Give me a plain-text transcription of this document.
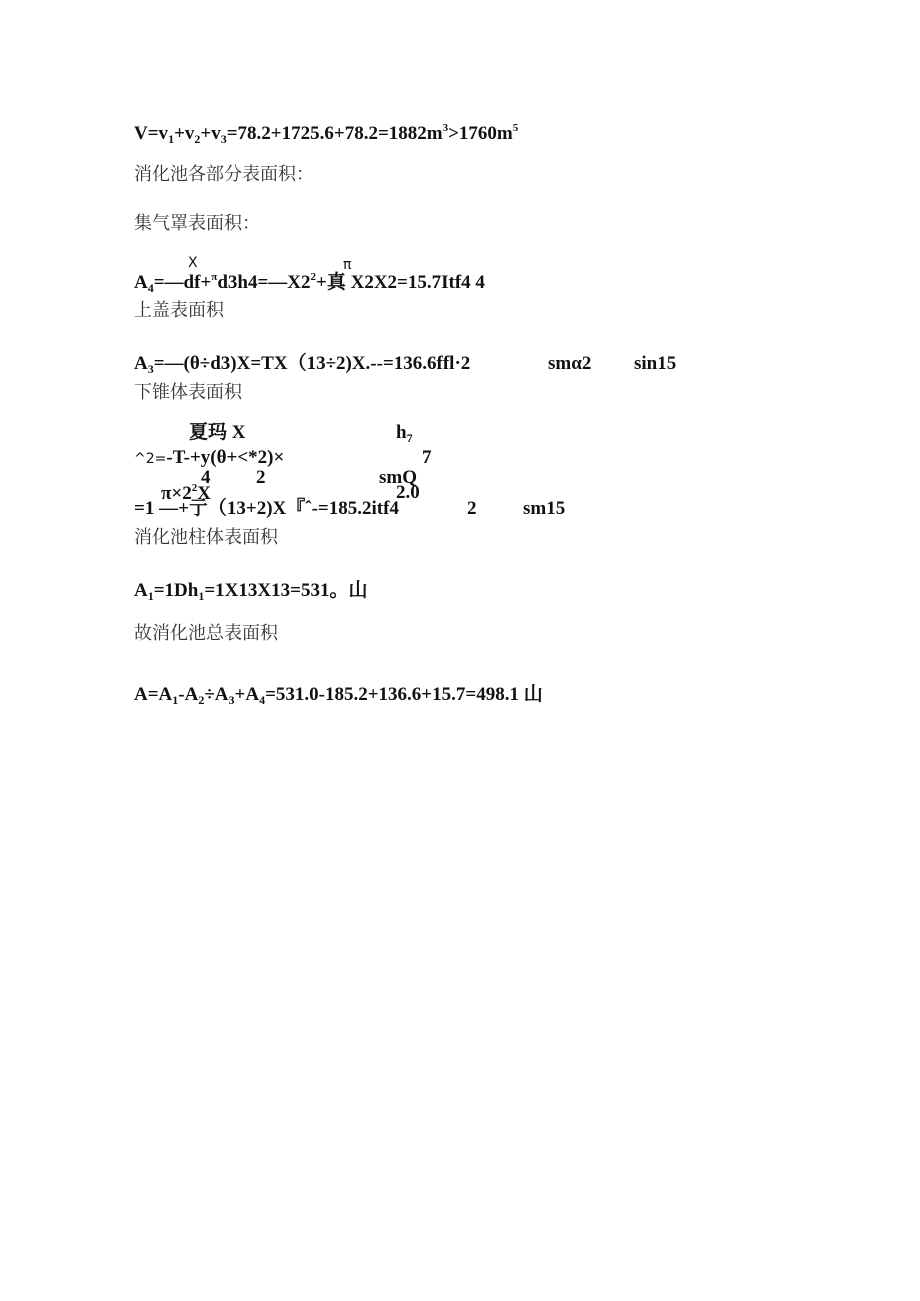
$V=v_1+v_2+v_3=78.2+1725.6+78.2=1882m^3>1760m^5$
消化池各部分表面积：
集气罩表面积：
X	π
$A_4=—df+^\pi d3h4=—X2^2+$真 X2X2=15.7Itf4 4
上盖表面积
$A_3=—(\theta\div d3)X=TX(13\div 2)X.--=136.6ffl\cdot 2$	smα2 sin15
下锥体表面积
夏玛 X	$h_7$
^2=-T-+y(θ+<*2)×	7
4 2	smQ
$\pi\times 2^2X$	2.0
=1 —+亍（13+2)X『ˆ-=185.2itf4	2 sm15
消化池柱体表面积
$A_1=1Dh_1=1X13X13=531$。山
故消化池总表面积
$A=A_1-A_2\div A_3+A_4=531.0-185.2+136.6+15.7=498.1$ 山
